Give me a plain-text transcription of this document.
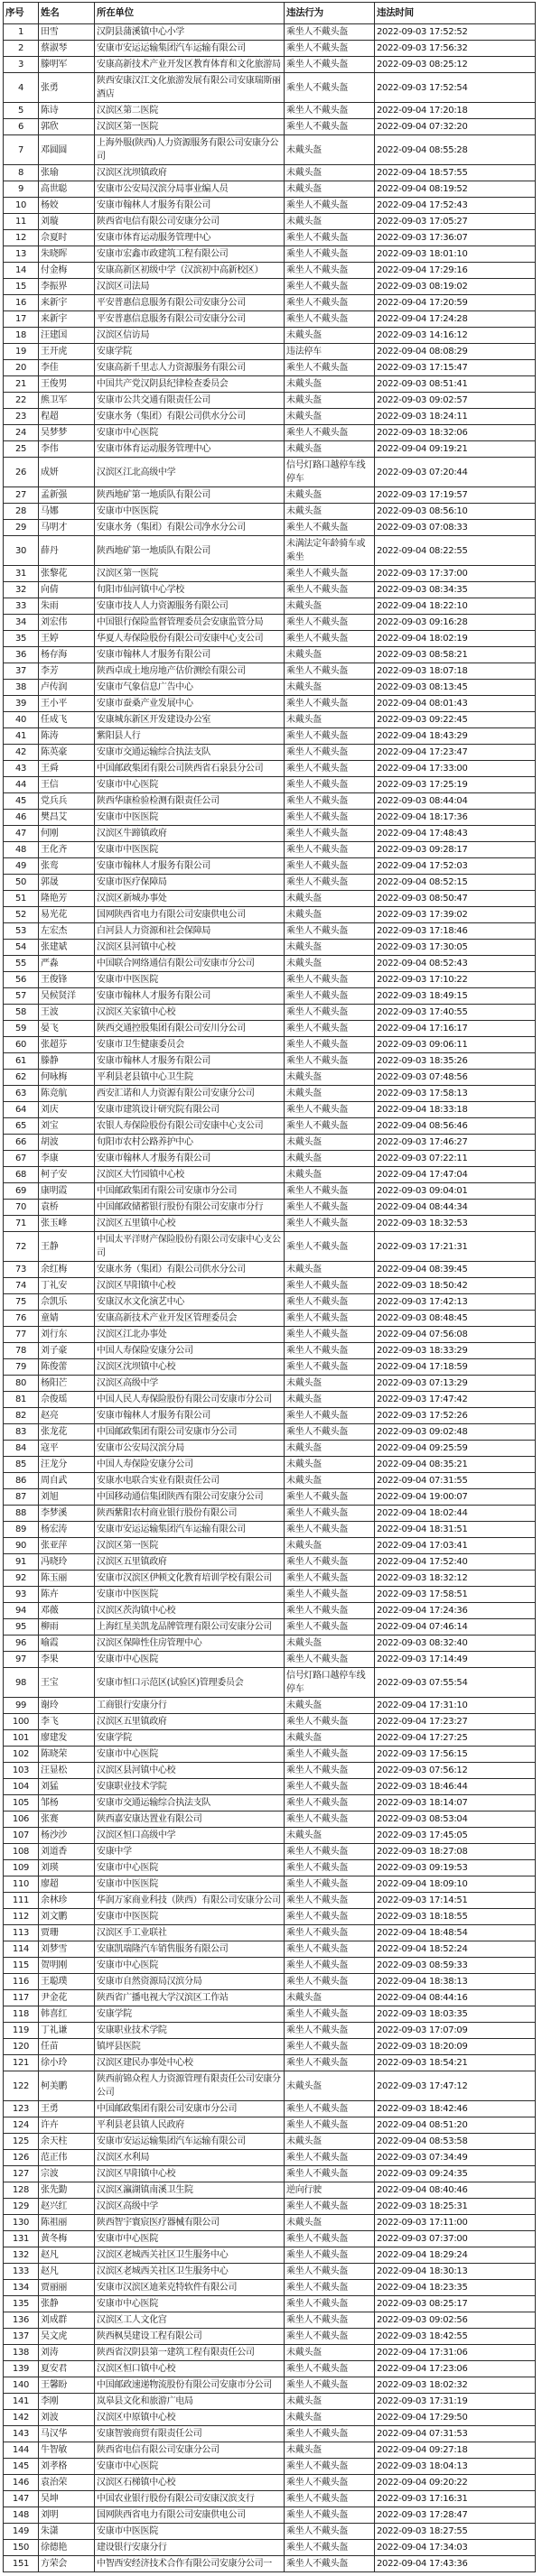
序号	姓名	所在单位	违法行为	违法时间
1	田雪	汉阴县蒲溪镇中心小学	乘坐人不戴头盔	2022-09-03 17:52:52
2	蔡淑琴	安康市安运运输集团汽车运输有限公司	乘坐人不戴头盔	2022-09-03 17:56:32
3	滕明军	安康高新技术产业开发区教育体育和文化旅游局	乘坐人不戴头盔	2022-09-03 08:25:12
4	张勇	陕西安康汉江文化旅游发展有限公司安康瑞斯丽酒店	乘坐人不戴头盔	2022-09-03 17:52:54
5	陈诗	汉滨区第二医院	乘坐人不戴头盔	2022-09-04 17:20:18
6	郭欣	汉滨区第一医院	乘坐人不戴头盔	2022-09-04 07:32:20
7	邓圆圆	上海外服(陕西)人力资源服务有限公司安康分公司	未戴头盔	2022-09-04 08:55:28
8	张瑜	汉滨区沈坝镇政府	未戴头盔	2022-09-04 18:57:55
9	高世聪	安康市公安局汉滨分局事业编人员	未戴头盔	2022-09-04 08:19:52
10	杨姣	安康市翰林人才服务有限公司	乘坐人不戴头盔	2022-09-04 17:52:43
11	刘璇	陕西省电信有限公司安康分公司	未戴头盔	2022-09-03 17:05:27
12	佘夏时	安康市体育运动服务管理中心	乘坐人不戴头盔	2022-09-03 17:36:07
13	朱晓晖	安康市宏鑫市政建筑工程有限公司	乘坐人不戴头盔	2022-09-03 18:01:10
14	付金梅	安康高新区初级中学（汉滨初中高新校区）	乘坐人不戴头盔	2022-09-04 17:29:16
15	李振界	汉滨区司法局	乘坐人不戴头盔	2022-09-03 08:19:02
16	来新宇	平安普惠信息服务有限公司安康分公司	乘坐人不戴头盔	2022-09-04 17:20:59
17	来新宇	平安普惠信息服务有限公司安康分公司	乘坐人不戴头盔	2022-09-04 17:24:28
18	汪建国	汉滨区信访局	未戴头盔	2022-09-03 14:16:12
19	王开虎	安康学院	违法停车	2022-09-04 08:08:29
20	李佳	安康高新千里志人力资源服务有限公司	乘坐人不戴头盔	2022-09-03 17:15:47
21	王俊男	中国共产党汉阴县纪律检查委员会	未戴头盔	2022-09-03 08:51:41
22	熊卫军	安康市公共交通有限责任公司	未戴头盔	2022-09-03 09:02:57
23	程超	安康水务（集团）有限公司供水分公司	未戴头盔	2022-09-03 18:24:11
24	吴梦梦	安康市中心医院	乘坐人不戴头盔	2022-09-03 18:32:06
25	李伟	安康市体育运动服务管理中心	未戴头盔	2022-09-04 09:19:21
26	成妍	汉滨区江北高级中学	信号灯路口越停车线停车	2022-09-03 07:20:44
27	孟新强	陕西地矿第一地质队有限公司	未戴头盔	2022-09-03 17:19:57
28	马娜	安康市中医医院	未戴头盔	2022-09-03 08:56:10
29	马明才	安康水务（集团）有限公司净水分公司	乘坐人不戴头盔	2022-09-03 07:08:33
30	薛丹	陕西地矿第一地质队有限公司	未满法定年龄骑车或乘坐	2022-09-04 08:22:55
31	张黎花	汉滨区第一医院	乘坐人不戴头盔	2022-09-03 17:37:00
32	向倩	旬阳市仙河镇中心学校	乘坐人不戴头盔	2022-09-03 08:34:35
33	朱雨	安康市技人人力资源服务有限公司	未戴头盔	2022-09-04 18:22:10
34	刘宏伟	中国银行保险监督管理委员会安康监管分局	乘坐人不戴头盔	2022-09-03 09:16:28
35	王婷	华夏人寿保险股份有限公司安康中心支公司	乘坐人不戴头盔	2022-09-04 18:02:19
36	杨存海	安康市翰林人才服务有限公司	未戴头盔	2022-09-03 08:58:21
37	李芳	陕西卓成土地房地产估价测绘有限公司	乘坐人不戴头盔	2022-09-03 18:07:18
38	卢传润	安康市气象信息广告中心	未戴头盔	2022-09-03 08:13:45
39	王小平	安康市蚕桑产业发展中心	乘坐人不戴头盔	2022-09-04 08:01:43
40	任成飞	安康城东新区开发建设办公室	未戴头盔	2022-09-03 09:22:45
41	陈涛	紫阳县人行	乘坐人不戴头盔	2022-09-04 18:43:29
42	陈英豪	安康市交通运输综合执法支队	乘坐人不戴头盔	2022-09-04 17:23:47
43	王舜	中国邮政集团有限公司陕西省石泉县分公司	乘坐人不戴头盔	2022-09-04 17:33:00
44	王信	安康市中心医院	乘坐人不戴头盔	2022-09-03 17:25:19
45	党兵兵	陕西华康检验检测有限责任公司	乘坐人不戴头盔	2022-09-03 08:44:04
46	樊昌艾	安康市中医医院	乘坐人不戴头盔	2022-09-04 18:17:36
47	何刚	汉滨区牛蹄镇政府	乘坐人不戴头盔	2022-09-04 17:48:43
48	王化齐	安康市中医医院	乘坐人不戴头盔	2022-09-03 09:28:17
49	张鸾	安康市翰林人才服务有限公司	乘坐人不戴头盔	2022-09-04 17:52:03
50	郭晟	安康市医疗保障局	乘坐人不戴头盔	2022-09-04 08:52:15
51	隆艳芳	汉滨区新城办事处	未戴头盔	2022-09-03 08:50:47
52	易光花	国网陕西省电力有限公司安康供电公司	未戴头盔	2022-09-03 17:39:02
53	左宏杰	白河县人力资源和社会保障局	乘坐人不戴头盔	2022-09-03 17:18:46
54	张建斌	汉滨区县河镇中心校	未戴头盔	2022-09-03 17:30:05
55	严淼	中国联合网络通信有限公司安康市分公司	未戴头盔	2022-09-04 08:52:43
56	王俊锋	安康市中医医院	乘坐人不戴头盔	2022-09-03 17:10:22
57	吴候贤洋	安康市翰林人才服务有限公司	乘坐人不戴头盔	2022-09-03 18:49:15
58	王波	汉滨区关家镇中心校	乘坐人不戴头盔	2022-09-03 17:40:55
59	晏飞	陕西交通控股集团有限公司安川分公司	乘坐人不戴头盔	2022-09-04 17:16:17
60	张超芬	安康市卫生健康委员会	乘坐人不戴头盔	2022-09-03 09:06:11
61	滕静	安康市翰林人才服务有限公司	乘坐人不戴头盔	2022-09-03 18:35:26
62	何咏梅	平利县老县镇中心卫生院	未戴头盔	2022-09-03 07:48:56
63	陈竞航	西安汇诺和人力资源有限公司安康分公司	未戴头盔	2022-09-03 17:58:13
64	刘庆	安康市建筑设计研究院有限公司	乘坐人不戴头盔	2022-09-04 18:33:18
65	刘宝	农银人寿保险股份有限公司安康中心支公司	乘坐人不戴头盔	2022-09-04 08:56:46
66	胡波	旬阳市农村公路养护中心	未戴头盔	2022-09-03 17:46:27
67	李康	安康市翰林人才服务有限公司	未戴头盔	2022-09-03 07:22:11
68	柯子安	汉滨区大竹园镇中心校	未戴头盔	2022-09-04 17:47:04
69	康明霞	中国邮政集团有限公司安康市分公司	乘坐人不戴头盔	2022-09-03 09:04:01
70	袁桥	中国邮政储蓄银行股份有限公司安康市分行	乘坐人不戴头盔	2022-09-04 08:44:34
71	张玉峰	汉滨区五里镇中心校	乘坐人不戴头盔	2022-09-03 18:32:53
72	王静	中国太平洋财产保险股份有限公司安康中心支公司	乘坐人不戴头盔	2022-09-03 17:21:31
73	余红梅	安康水务（集团）有限公司供水分公司	未戴头盔	2022-09-04 08:39:45
74	丁礼安	汉滨区早阳镇中心校	乘坐人不戴头盔	2022-09-03 18:50:42
75	佘凯乐	安康汉水文化演艺中心	乘坐人不戴头盔	2022-09-03 17:42:13
76	童婧	安康高新技术产业开发区管理委员会	乘坐人不戴头盔	2022-09-03 08:48:45
77	刘行东	汉滨区江北办事处	乘坐人不戴头盔	2022-09-04 07:56:08
78	刘子豪	中国人寿保险安康分公司	乘坐人不戴头盔	2022-09-03 18:33:29
79	陈俊蕾	汉滨区沈坝镇中心校	乘坐人不戴头盔	2022-09-04 17:18:59
80	杨阳芒	汉滨区高级中学	未戴头盔	2022-09-03 07:13:29
81	佘俊瑶	中国人民人寿保险股份有限公司安康市分公司	未戴头盔	2022-09-03 17:47:42
82	赵亮	安康市翰林人才服务有限公司	乘坐人不戴头盔	2022-09-03 17:52:26
83	张龙花	中国邮政集团有限公司安康市分公司	乘坐人不戴头盔	2022-09-03 09:02:48
84	寇平	安康市公安局汉滨分局	未戴头盔	2022-09-04 09:25:59
85	汪龙分	中国人寿保险安康分公司	未戴头盔	2022-09-04 08:35:21
86	周自武	安康水电联合实业有限责任公司	未戴头盔	2022-09-04 07:31:55
87	刘旭	中国移动通信集团陕西有限公司安康分公司	乘坐人不戴头盔	2022-09-04 19:00:07
88	李梦溪	陕西紫阳农村商业银行股份有限公司	乘坐人不戴头盔	2022-09-04 18:02:44
89	杨宏涛	安康市安运运输集团汽车运输有限公司	乘坐人不戴头盔	2022-09-04 18:31:51
90	张亚萍	汉滨区第一医院	未戴头盔	2022-09-04 17:03:41
91	冯晓玲	汉滨区五里镇政府	乘坐人不戴头盔	2022-09-04 17:52:40
92	陈玉丽	安康市汉滨区伊顿文化教育培训学校有限公司	乘坐人不戴头盔	2022-09-03 18:32:12
93	陈卉	安康市中医医院	乘坐人不戴头盔	2022-09-03 17:58:51
94	邓薇	汉滨区茨沟镇中心校	乘坐人不戴头盔	2022-09-04 17:24:36
95	柳雨	上海红星美凯龙品牌管理有限公司安康分公司	乘坐人不戴头盔	2022-09-04 07:46:14
96	喻霞	汉滨区保障性住房管理中心	未戴头盔	2022-09-03 08:32:40
97	李果	安康市中心医院	乘坐人不戴头盔	2022-09-03 17:14:49
98	王宝	安康市恒口示范区(试验区)管理委员会	信号灯路口越停车线停车	2022-09-03 07:55:54
99	谢玲	工商银行安康分行	未戴头盔	2022-09-04 17:31:10
100	李飞	汉滨区五里镇政府	乘坐人不戴头盔	2022-09-04 17:23:27
101	廖建发	安康学院	未戴头盔	2022-09-04 17:27:25
102	陈晓荣	安康市中心医院	乘坐人不戴头盔	2022-09-03 17:56:15
103	汪显松	汉滨区县河镇中心校	乘坐人不戴头盔	2022-09-03 07:56:12
104	刘猛	安康职业技术学院	乘坐人不戴头盔	2022-09-03 18:46:44
105	邹杨	安康市交通运输综合执法支队	乘坐人不戴头盔	2022-09-03 18:14:07
106	张赛	陕西嘉安康达置业有限公司	乘坐人不戴头盔	2022-09-03 08:53:04
107	杨沙沙	汉滨区恒口高级中学	未戴头盔	2022-09-03 17:45:05
108	刘道香	安康中学	乘坐人不戴头盔	2022-09-03 18:27:08
109	刘瑛	安康市中心医院	乘坐人不戴头盔	2022-09-03 09:19:53
110	廖超	安康市中医医院	乘坐人不戴头盔	2022-09-04 18:09:10
111	余林珍	华润万家商业科技（陕西）有限公司安康分公司	乘坐人不戴头盔	2022-09-03 17:14:51
112	刘文鹏	安康市中医医院	乘坐人不戴头盔	2022-09-03 18:18:55
113	贾珊	汉滨区手工业联社	乘坐人不戴头盔	2022-09-04 18:48:54
114	刘梦雪	安康凯瑞隆汽车销售服务有限公司	乘坐人不戴头盔	2022-09-04 18:52:24
115	贺明刚	安康市中心医院	乘坐人不戴头盔	2022-09-03 08:59:33
116	王聪璞	安康市自然资源局汉滨分局	乘坐人不戴头盔	2022-09-04 18:38:13
117	尹金花	陕西省广播电视大学汉滨区工作站	未戴头盔	2022-09-04 08:44:16
118	韩喜红	安康学院	乘坐人不戴头盔	2022-09-03 18:03:35
119	丁礼谦	安康职业技术学院	乘坐人不戴头盔	2022-09-03 17:07:09
120	任苗	镇坪县医院	乘坐人不戴头盔	2022-09-03 18:20:09
121	徐小玲	汉滨区建民办事处中心校	乘坐人不戴头盔	2022-09-03 18:54:21
122	柯美鹏	陕西前锦众程人力资源管理有限责任公司安康分公司	未戴头盔	2022-09-03 17:47:12
123	王勇	中国邮政集团有限公司安康市分公司	乘坐人不戴头盔	2022-09-03 18:42:46
124	许卉	平利县老县镇人民政府	乘坐人不戴头盔	2022-09-04 08:51:20
125	余天柱	安康市安运运输集团汽车运输有限公司	未戴头盔	2022-09-04 08:53:58
126	范正伟	汉滨区水利局	乘坐人不戴头盔	2022-09-03 07:34:49
127	宗波	汉滨区早阳镇中心校	乘坐人不戴头盔	2022-09-03 09:24:35
128	张先勤	汉滨区瀛湖镇南溪卫生院	逆向行驶	2022-09-04 08:40:46
129	赵兴红	汉滨区高级中学	乘坐人不戴头盔	2022-09-03 18:25:31
130	陈祖丽	陕西智宇寰宸医疗器械有限公司	未戴头盔	2022-09-03 17:11:00
131	黄冬梅	安康市中心医院	乘坐人不戴头盔	2022-09-03 07:37:00
132	赵凡	汉滨区老城西关社区卫生服务中心	乘坐人不戴头盔	2022-09-04 18:29:24
133	赵凡	汉滨区老城西关社区卫生服务中心	乘坐人不戴头盔	2022-09-04 18:30:13
134	贾丽丽	安康市汉滨区迪莱克特软件有限公司	乘坐人不戴头盔	2022-09-04 18:23:35
135	张静	安康市中心医院	乘坐人不戴头盔	2022-09-03 08:25:17
136	刘成群	汉滨区工人文化宫	乘坐人不戴头盔	2022-09-03 09:02:56
137	吴文虎	陕西枫昊建设工程有限公司	乘坐人不戴头盔	2022-09-03 18:42:55
138	刘涛	陕西省汉阴县第一建筑工程有限责任公司	未戴头盔	2022-09-04 17:31:06
139	夏安君	汉滨区恒口镇中心校	乘坐人不戴头盔	2022-09-04 17:23:06
140	王馨盼	中国邮政速递物流股份有限公司安康市分公司	乘坐人不戴头盔	2022-09-03 18:02:32
141	李刚	岚皋县文化和旅游广电局	未戴头盔	2022-09-03 17:31:19
142	刘波	汉滨区中原镇中心校	未戴头盔	2022-09-04 17:29:50
143	马汉华	安康智骏商贸有限责任公司	乘坐人不戴头盔	2022-09-04 07:31:53
144	牛智敏	陕西省电信有限公司安康分公司	未戴头盔	2022-09-04 09:27:18
145	刘孝格	安康市中心医院	乘坐人不戴头盔	2022-09-03 18:04:13
146	袁治荣	汉滨区石梯镇中心校	乘坐人不戴头盔	2022-09-04 09:20:22
147	吴坤	中国农业银行股份有限公司安康汉滨支行	乘坐人不戴头盔	2022-09-03 17:16:31
148	刘明	国网陕西省电力有限公司安康供电公司	乘坐人不戴头盔	2022-09-03 17:28:47
149	朱潇	安康市中医医院	乘坐人不戴头盔	2022-09-03 18:27:55
150	徐德艳	建设银行安康分行	乘坐人不戴头盔	2022-09-04 17:34:03
151	方荣会	中智西安经济技术合作有限公司安康分公司一	乘坐人不戴头盔	2022-09-04 17:43:36
